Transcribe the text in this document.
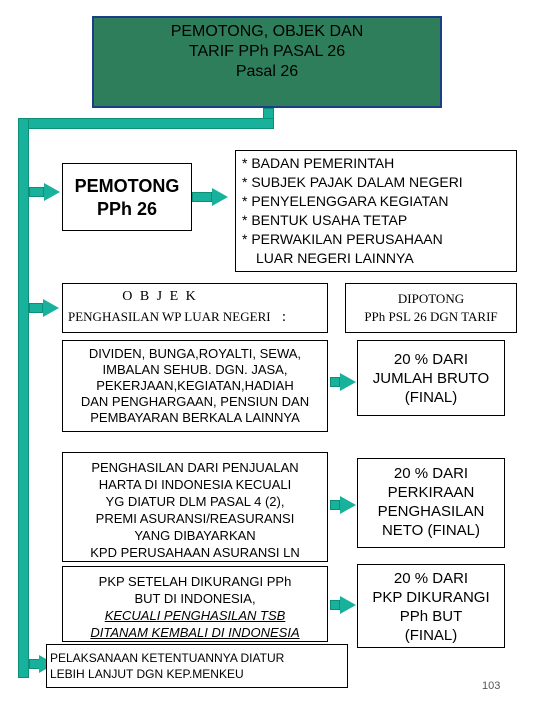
PEMOTONG, OBJEK DAN
TARIF PPh PASAL 26
Pasal 26
PEMOTONG
PPh 26
* BADAN PEMERINTAH
* SUBJEK PAJAK DALAM NEGERI
* PENYELENGGARA KEGIATAN
* BENTUK USAHA TETAP
* PERWAKILAN PERUSAHAAN
LUAR NEGERI LAINNYA
O B J E K
PENGHASILAN WP LUAR NEGERI :
DIPOTONG
PPh PSL 26 DGN TARIF
DIVIDEN, BUNGA,ROYALTI, SEWA,
IMBALAN SEHUB. DGN. JASA,
PEKERJAAN,KEGIATAN,HADIAH
DAN PENGHARGAAN, PENSIUN DAN
PEMBAYARAN BERKALA LAINNYA
20 % DARI
JUMLAH BRUTO
(FINAL)
PENGHASILAN DARI PENJUALAN
HARTA DI INDONESIA KECUALI
YG DIATUR DLM PASAL 4 (2),
PREMI ASURANSI/REASURANSI
YANG DIBAYARKAN
KPD PERUSAHAAN ASURANSI LN
20 % DARI
PERKIRAAN
PENGHASILAN
NETO (FINAL)
PKP SETELAH DIKURANGI PPh
BUT DI INDONESIA,
KECUALI PENGHASILAN TSB
DITANAM KEMBALI DI INDONESIA
20 % DARI
PKP DIKURANGI
PPh BUT
(FINAL)
PELAKSANAAN KETENTUANNYA DIATUR
LEBIH LANJUT DGN KEP.MENKEU
103
